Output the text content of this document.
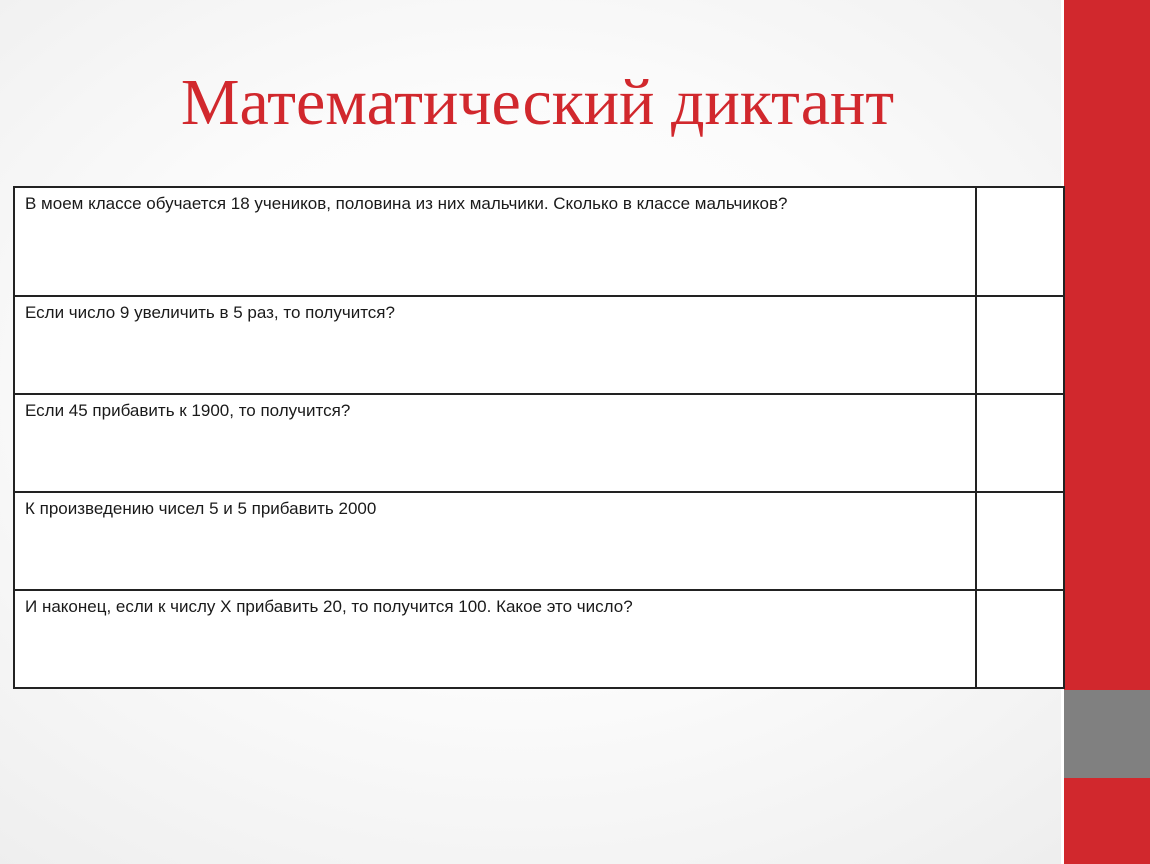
Математический диктант
В моем классе обучается 18 учеников, половина из них мальчики. Сколько в классе мальчиков?	
Если число 9 увеличить в 5 раз, то получится?	
Если 45 прибавить к 1900, то получится?	
К произведению чисел 5 и 5 прибавить 2000	
И наконец, если к числу Х прибавить 20, то получится 100. Какое это число?	
